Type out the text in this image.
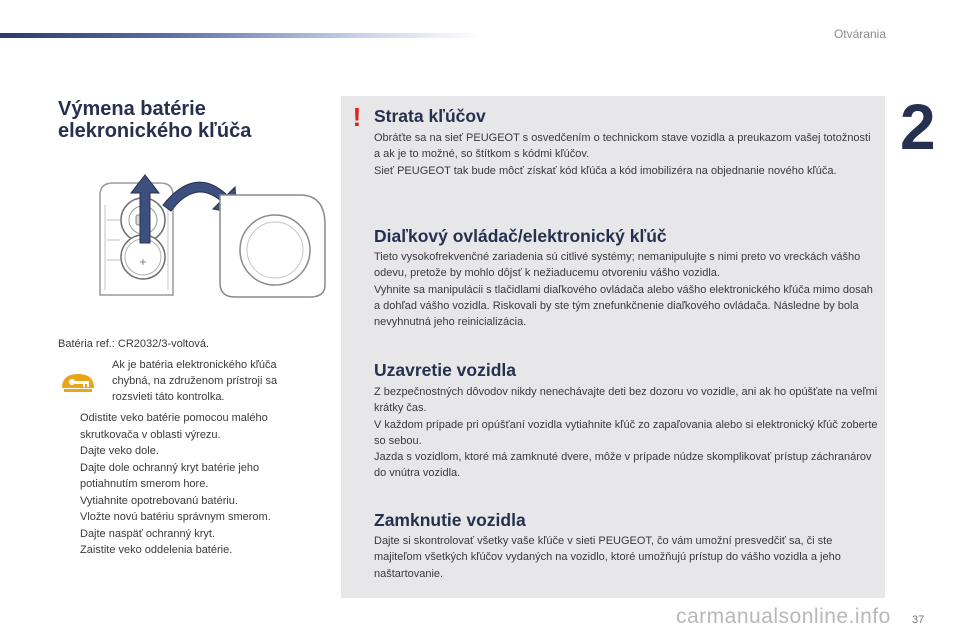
Otvárania
2
Výmena batérie
elekronického kľúča
+
Batéria ref.: CR2032/3-voltová.
Ak je batéria elektronického kľúča chybná, na združenom prístroji sa rozsvieti táto kontrolka.
Odistite veko batérie pomocou malého skrutkovača v oblasti výrezu.
Dajte veko dole.
Dajte dole ochranný kryt batérie jeho potiahnutím smerom hore.
Vytiahnite opotrebovanú batériu.
Vložte novú batériu správnym smerom.
Dajte naspäť ochranný kryt.
Zaistite veko oddelenia batérie.
! Strata kľúčov

Obráťte sa na sieť PEUGEOT s osvedčením o technickom stave vozidla a preukazom vašej totožnosti a ak je to možné, so štítkom s kódmi kľúčov.

Sieť PEUGEOT tak bude môcť získať kód kľúča a kód imobilizéra na objednanie nového kľúča.

Diaľkový ovládač/elektronický kľúč

Tieto vysokofrekvenčné zariadenia sú citlivé systémy; nemanipulujte s nimi preto vo vreckách vášho odevu, pretože by mohlo dôjsť k nežiaducemu otvoreniu vášho vozidla.

Vyhnite sa manipulácii s tlačidlami diaľkového ovládača alebo vášho elektronického kľúča mimo dosah a dohľad vášho vozidla. Riskovali by ste tým znefunkčnenie diaľkového ovládača. Následne by bola nevyhnutná jeho reinicializácia.

Uzavretie vozidla

Z bezpečnostných dôvodov nikdy nenechávajte deti bez dozoru vo vozidle, ani ak ho opúšťate na veľmi krátky čas.

V každom prípade pri opúšťaní vozidla vytiahnite kľúč zo zapaľovania alebo si elektronický kľúč zoberte so sebou.

Jazda s vozidlom, ktoré má zamknuté dvere, môže v prípade núdze skomplikovať prístup záchranárov do vnútra vozidla.

Zamknutie vozidla

Dajte si skontrolovať všetky vaše kľúče v sieti PEUGEOT, čo vám umožní presvedčiť sa, či ste majiteľom všetkých kľúčov vydaných na vozidlo, ktoré umožňujú prístup do vášho vozidla a jeho naštartovanie.

37
carmanualsonline.info
